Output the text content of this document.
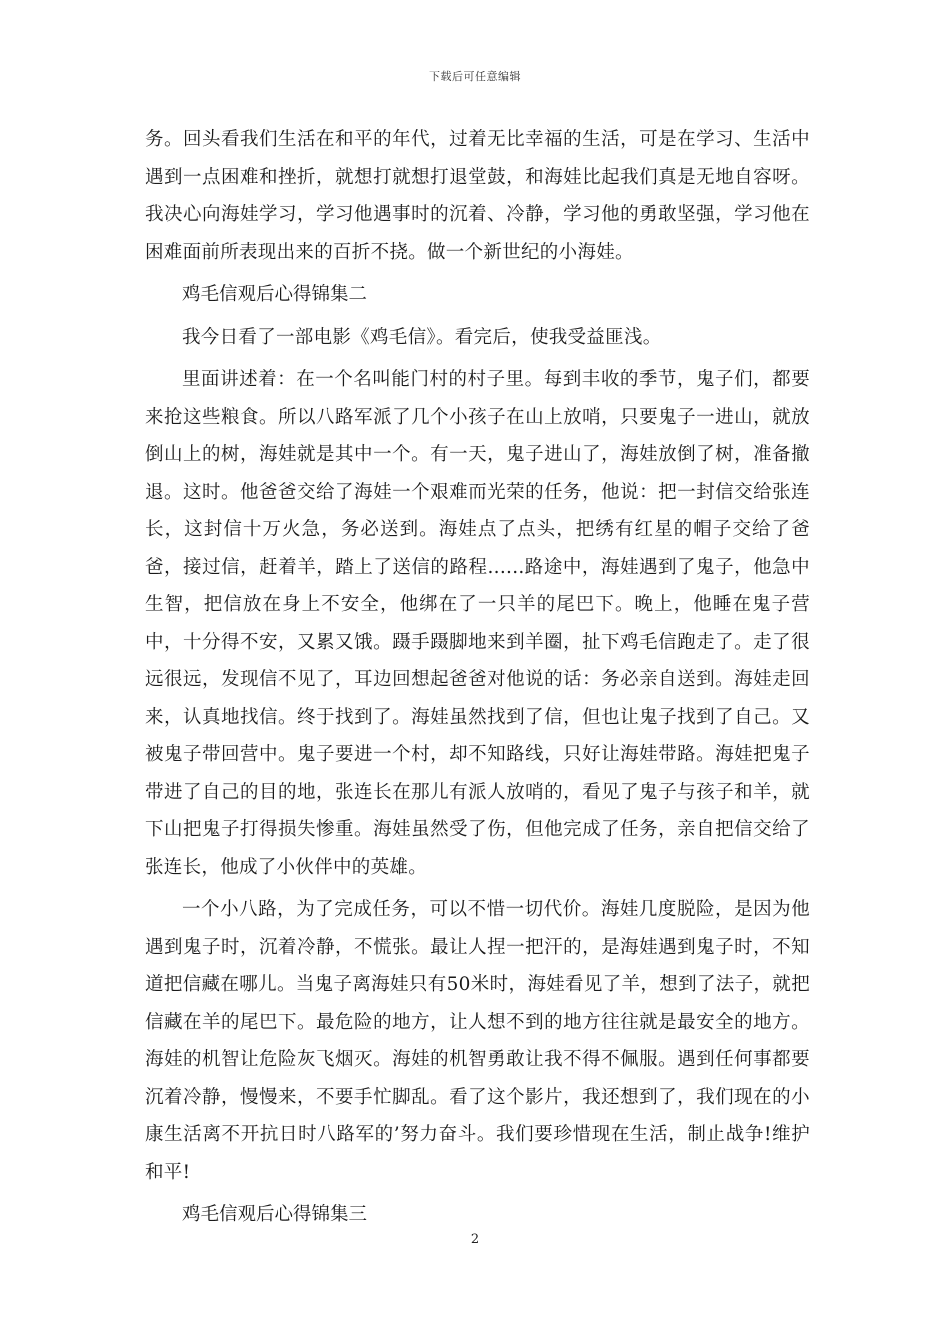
下载后可任意编辑

务。回头看我们生活在和平的年代，过着无比幸福的生活，可是在学习、生活中遇到一点困难和挫折，就想打就想打退堂鼓，和海娃比起我们真是无地自容呀。我决心向海娃学习，学习他遇事时的沉着、冷静，学习他的勇敢坚强，学习他在困难面前所表现出来的百折不挠。做一个新世纪的小海娃。

鸡毛信观后心得锦集二

我今日看了一部电影《鸡毛信》。看完后，使我受益匪浅。

里面讲述着：在一个名叫能门村的村子里。每到丰收的季节，鬼子们，都要来抢这些粮食。所以八路军派了几个小孩子在山上放哨，只要鬼子一进山，就放倒山上的树，海娃就是其中一个。有一天，鬼子进山了，海娃放倒了树，准备撤退。这时。他爸爸交给了海娃一个艰难而光荣的任务，他说：把一封信交给张连长，这封信十万火急，务必送到。海娃点了点头，把绣有红星的帽子交给了爸爸，接过信，赶着羊，踏上了送信的路程......路途中，海娃遇到了鬼子，他急中生智，把信放在身上不安全，他绑在了一只羊的尾巴下。晚上，他睡在鬼子营中，十分得不安，又累又饿。蹑手蹑脚地来到羊圈，扯下鸡毛信跑走了。走了很远很远，发现信不见了，耳边回想起爸爸对他说的话：务必亲自送到。海娃走回来，认真地找信。终于找到了。海娃虽然找到了信，但也让鬼子找到了自己。又被鬼子带回营中。鬼子要进一个村，却不知路线，只好让海娃带路。海娃把鬼子带进了自己的目的地，张连长在那儿有派人放哨的，看见了鬼子与孩子和羊，就下山把鬼子打得损失惨重。海娃虽然受了伤，但他完成了任务，亲自把信交给了张连长，他成了小伙伴中的英雄。

一个小八路，为了完成任务，可以不惜一切代价。海娃几度脱险，是因为他遇到鬼子时，沉着冷静，不慌张。最让人捏一把汗的，是海娃遇到鬼子时，不知道把信藏在哪儿。当鬼子离海娃只有50米时，海娃看见了羊，想到了法子，就把信藏在羊的尾巴下。最危险的地方，让人想不到的地方往往就是最安全的地方。海娃的机智让危险灰飞烟灭。海娃的机智勇敢让我不得不佩服。遇到任何事都要沉着冷静，慢慢来，不要手忙脚乱。看了这个影片，我还想到了，我们现在的小康生活离不开抗日时八路军的’努力奋斗。我们要珍惜现在生活，制止战争!维护和平!

鸡毛信观后心得锦集三

2
